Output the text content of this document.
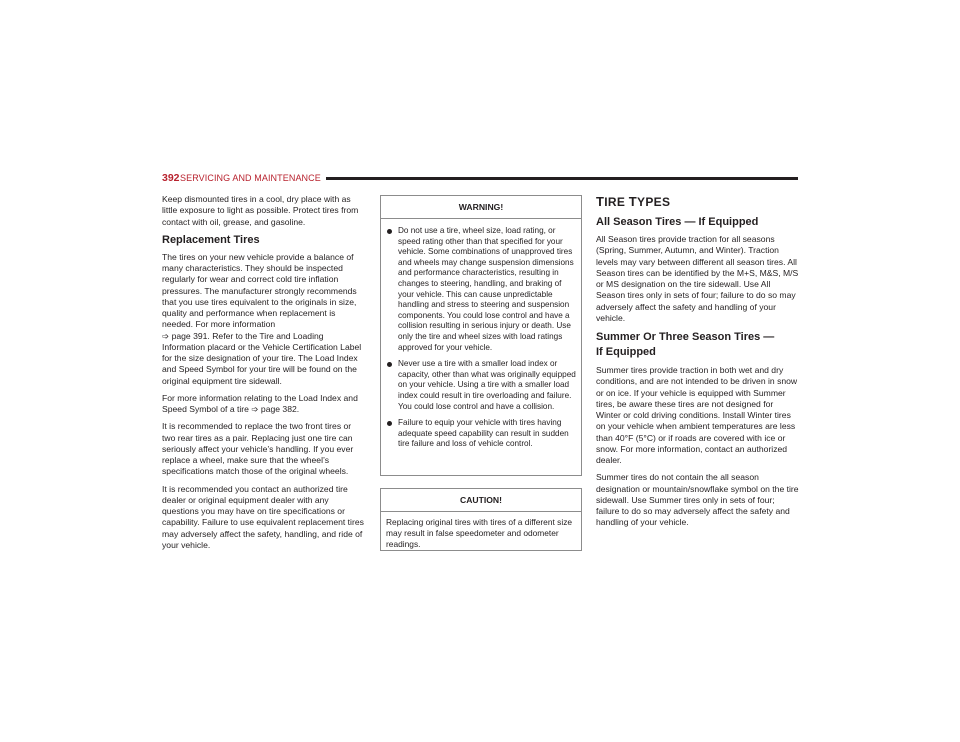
392 SERVICING AND MAINTENANCE

Keep dismounted tires in a cool, dry place with as little exposure to light as possible. Protect tires from contact with oil, grease, and gasoline.

Replacement Tires

The tires on your new vehicle provide a balance of many characteristics. They should be inspected regularly for wear and correct cold tire inflation pressures. The manufacturer strongly recommends that you use tires equivalent to the originals in size, quality and performance when replacement is needed. For more information
➩ page 391. Refer to the Tire and Loading Information placard or the Vehicle Certification Label for the size designation of your tire. The Load Index and Speed Symbol for your tire will be found on the original equipment tire sidewall.

For more information relating to the Load Index and Speed Symbol of a tire ➩ page 382.

It is recommended to replace the two front tires or two rear tires as a pair. Replacing just one tire can seriously affect your vehicle’s handling. If you ever replace a wheel, make sure that the wheel’s specifications match those of the original wheels.

It is recommended you contact an authorized tire dealer or original equipment dealer with any questions you may have on tire specifications or capability. Failure to use equivalent replacement tires may adversely affect the safety, handling, and ride of your vehicle.

WARNING!
Do not use a tire, wheel size, load rating, or speed rating other than that specified for your vehicle. Some combinations of unapproved tires and wheels may change suspension dimensions and performance characteristics, resulting in changes to steering, handling, and braking of your vehicle. This can cause unpredictable handling and stress to steering and suspension components. You could lose control and have a collision resulting in serious injury or death. Use only the tire and wheel sizes with load ratings approved for your vehicle.
Never use a tire with a smaller load index or capacity, other than what was originally equipped on your vehicle. Using a tire with a smaller load index could result in tire overloading and failure. You could lose control and have a collision.
Failure to equip your vehicle with tires having adequate speed capability can result in sudden tire failure and loss of vehicle control.
CAUTION!
Replacing original tires with tires of a different size may result in false speedometer and odometer readings.
TIRE TYPES
All Season Tires — If Equipped

All Season tires provide traction for all seasons (Spring, Summer, Autumn, and Winter). Traction levels may vary between different all season tires. All Season tires can be identified by the M+S, M&S, M/S or MS designation on the tire sidewall. Use All Season tires only in sets of four; failure to do so may adversely affect the safety and handling of your vehicle.

Summer Or Three Season Tires —
If Equipped

Summer tires provide traction in both wet and dry conditions, and are not intended to be driven in snow or on ice. If your vehicle is equipped with Summer tires, be aware these tires are not designed for Winter or cold driving conditions. Install Winter tires on your vehicle when ambient temperatures are less than 40°F (5°C) or if roads are covered with ice or snow. For more information, contact an authorized dealer.

Summer tires do not contain the all season designation or mountain/snowflake symbol on the tire sidewall. Use Summer tires only in sets of four; failure to do so may adversely affect the safety and handling of your vehicle.
